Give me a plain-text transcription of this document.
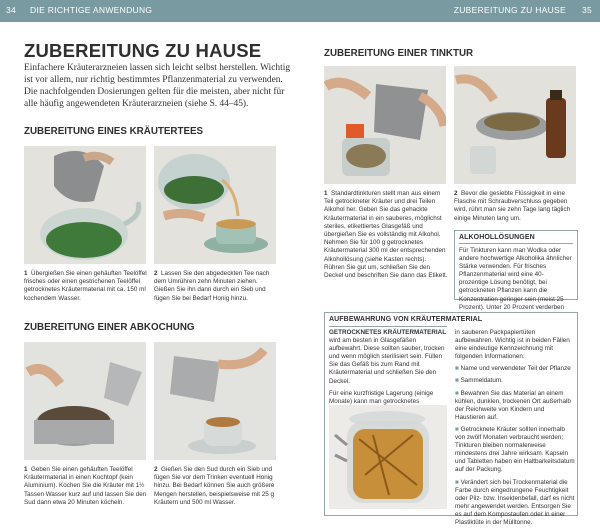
34 DIE RICHTIGE ANWENDUNG	ZUBEREITUNG ZU HAUSE 35
ZUBEREITUNG ZU HAUSE
Einfachere Kräuterarzneien lassen sich leicht selbst herstellen. Wichtig ist vor allem, nur richtig bestimmtes Pflanzenmaterial zu verwenden. Die nachfolgenden Dosierungen gelten für die meisten, aber nicht für alle häufig angewendeten Kräuterarzneien (siehe S. 44–45).
ZUBEREITUNG EINES KRÄUTERTEES
1 Übergießen Sie einen gehäuften Teelöffel frisches oder einen gestrichenen Teelöffel getrocknetes Kräutermaterial mit ca. 150 ml kochendem Wasser.
2 Lassen Sie den abgedeckten Tee nach dem Umrühren zehn Minuten ziehen. Gießen Sie ihn dann durch ein Sieb und fügen Sie bei Bedarf Honig hinzu.
ZUBEREITUNG EINER ABKOCHUNG
1 Geben Sie einen gehäuften Teelöffel Kräutermaterial in einen Kochtopf (kein Aluminium). Kochen Sie die Kräuter mit 1½ Tassen Wasser kurz auf und lassen Sie den Sud dann etwa 20 Minuten köcheln.
2 Gießen Sie den Sud durch ein Sieb und fügen Sie vor dem Trinken eventuell Honig hinzu. Bei Bedarf können Sie auch größere Mengen herstellen, beispielsweise mit 25 g Kräutern und 500 ml Wasser.
ZUBEREITUNG EINER TINKTUR
1 Standardtinkturen stellt man aus einem Teil getrockneter Kräuter und drei Teilen Alkohol her. Geben Sie das gehackte Kräutermaterial in ein sauberes, möglichst steriles, etikettiertes Glasgefäß und übergießen Sie es vollständig mit Alkohol. Nehmen Sie für 100 g getrocknetes Kräutermaterial 300 ml der entsprechenden Alkohollösung (siehe Kasten rechts). Rühren Sie gut um, schließen Sie den Deckel und beschriften Sie dann das Etikett.
2 Bevor die gesiebte Flüssigkeit in eine Flasche mit Schraubverschluss gegeben wird, rührt man sie zehn Tage lang täglich einige Minuten lang um.
ALKOHOLLÖSUNGEN
Für Tinkturen kann man Wodka oder andere hochwertige Alkoholika ähnlicher Stärke verwenden. Für frisches Pflanzenmaterial wird eine 40-prozentige Lösung benötigt, bei getrockneten Pflanzen kann die Konzentration geringer sein (meist 25 Prozent). Unter 20 Prozent verderben
AUFBEWAHRUNG VON KRÄUTERMATERIAL

GETROCKNETES KRÄUTERMATERIAL wird am besten in Glasgefäßen aufbewahrt. Diese sollten sauber, trocken und wenn möglich sterilisiert sein. Füllen Sie das Gefäß bis zum Rand mit Kräutermaterial und schließen Sie den Deckel.

Für eine kurzfristige Lagerung (einige Monate) kann man getrocknetes

in sauberen Packpapiertüten aufbewahren. Wichtig ist in beiden Fällen eine eindeutige Kennzeichnung mit folgenden Informationen:

■ Name und verwendeter Teil der Pflanze

■ Sammeldatum.

■ Bewahren Sie das Material an einem kühlen, dunklen, trockenen Ort außerhalb der Reichweite von Kindern und Haustieren auf.

■ Getrocknete Kräuter sollten innerhalb von zwölf Monaten verbraucht werden; Tinkturen bleiben normalerweise mindestens drei Jahre wirksam. Kapseln und Tabletten haben ein Haltbarkeitsdatum auf der Packung.

■ Verändert sich bei Trockenmaterial die Farbe durch eingedrungene Feuchtigkeit oder Pilz- bzw. Insektenbefall, darf es nicht mehr angewendet werden. Entsorgen Sie es auf dem Kompostaufen oder in einer Plastiktüte in der Mülltonne.
